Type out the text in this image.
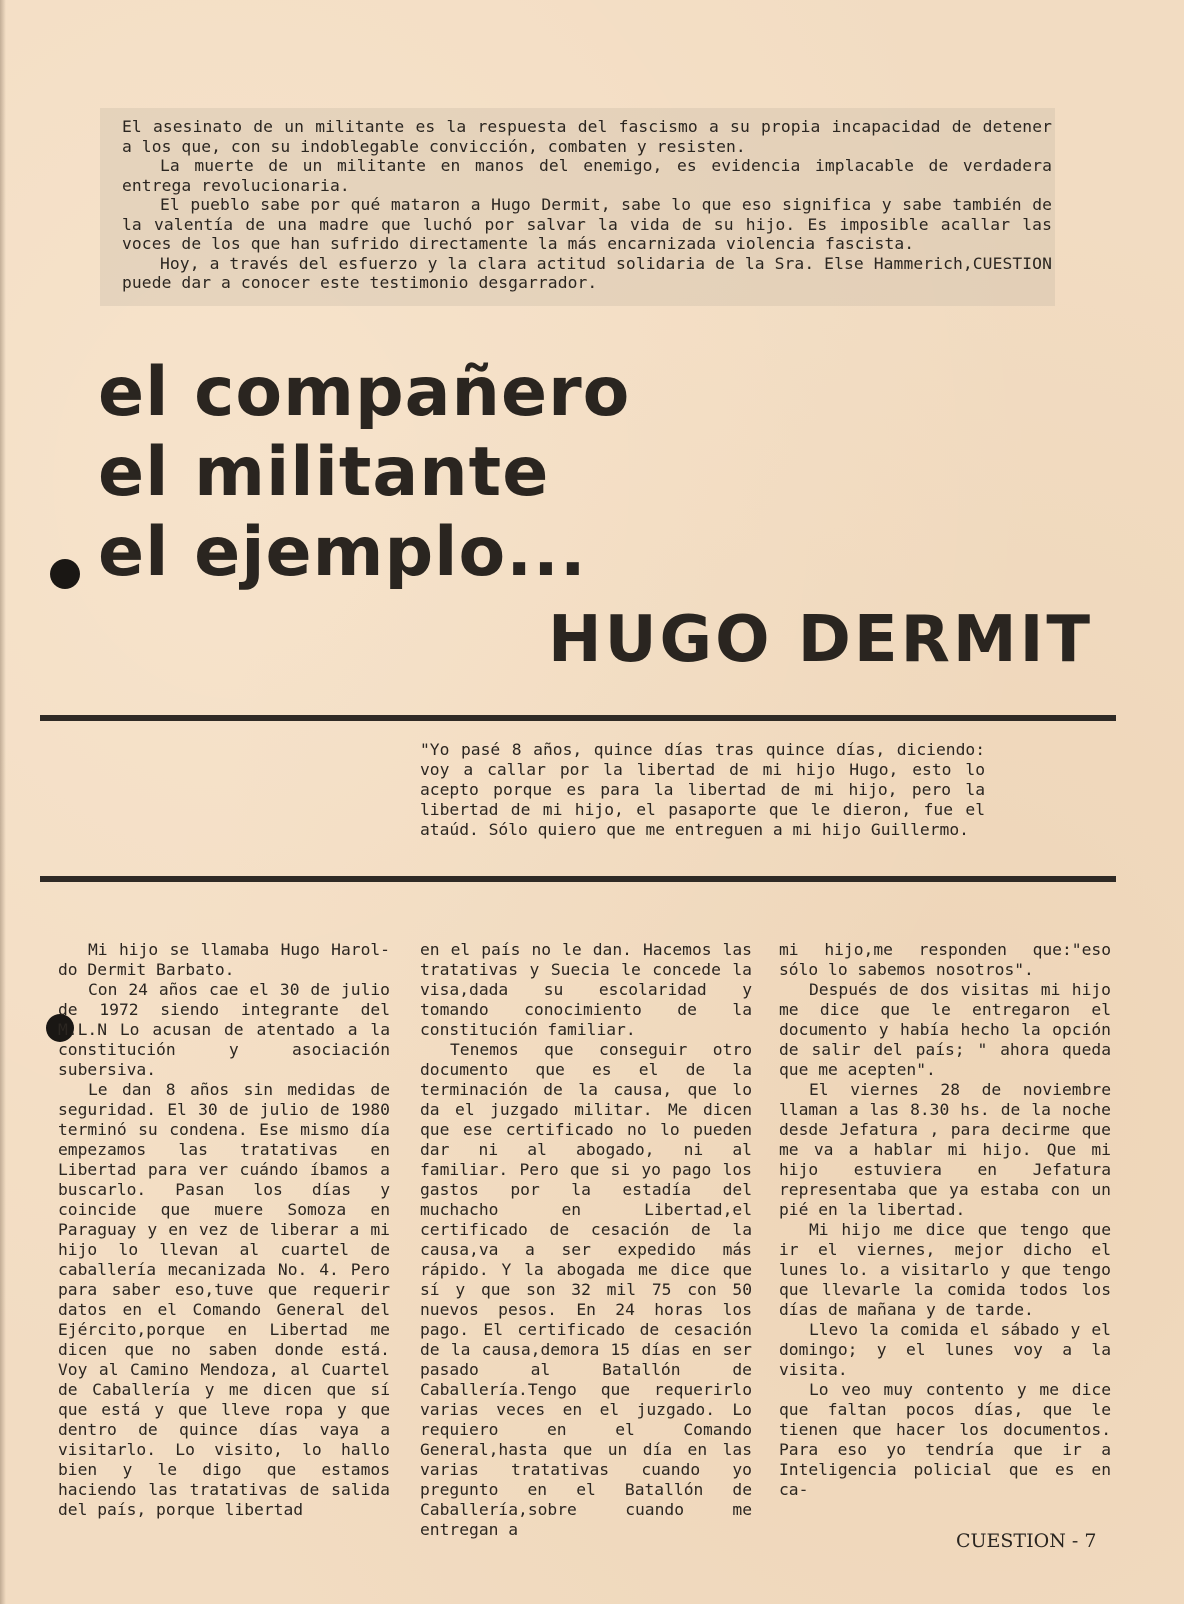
El asesinato de un militante es la respuesta del fascismo a su propia incapacidad de detener a los que, con su indoblegable convicción, combaten y resisten.

La muerte de un militante en manos del enemigo, es evidencia implacable de verdadera entrega revolucionaria.

El pueblo sabe por qué mataron a Hugo Dermit, sabe lo que eso significa y sabe también de la valentía de una madre que luchó por salvar la vida de su hijo. Es imposible acallar las voces de los que han sufrido directamente la más encarnizada violencia fascista.

Hoy, a través del esfuerzo y la clara actitud solidaria de la Sra. Else Hammerich,CUESTION puede dar a conocer este testimonio desgarrador.

el compañero
el militante
el ejemplo...
HUGO DERMIT

"Yo pasé 8 años, quince días tras quince días, diciendo: voy a callar por la libertad de mi hijo Hugo, esto lo acepto porque es para la libertad de mi hijo, pero la libertad de mi hijo, el pasaporte que le dieron, fue el ataúd. Sólo quiero que me entreguen a mi hijo Guillermo.

Mi hijo se llamaba Hugo Harol-do Dermit Barbato.

Con 24 años cae el 30 de julio de 1972 siendo integrante del M.L.N Lo acusan de atentado a la constitución y asociación subersiva.

Le dan 8 años sin medidas de seguridad. El 30 de julio de 1980 terminó su condena. Ese mismo día empezamos las tratativas en Libertad para ver cuándo íbamos a buscarlo. Pasan los días y coincide que muere Somoza en Paraguay y en vez de liberar a mi hijo lo llevan al cuartel de caballería mecanizada No. 4. Pero para saber eso,tuve que requerir datos en el Comando General del Ejército,porque en Libertad me dicen que no saben donde está. Voy al Camino Mendoza, al Cuartel de Caballería y me dicen que sí que está y que lleve ropa y que dentro de quince días vaya a visitarlo. Lo visito, lo hallo bien y le digo que estamos haciendo las tratativas de salida del país, porque libertad

en el país no le dan. Hacemos las tratativas y Suecia le concede la visa,dada su escolaridad y tomando conocimiento de la constitución familiar.

Tenemos que conseguir otro documento que es el de la terminación de la causa, que lo da el juzgado militar. Me dicen que ese certificado no lo pueden dar ni al abogado, ni al familiar. Pero que si yo pago los gastos por la estadía del muchacho en Libertad,el certificado de cesación de la causa,va a ser expedido más rápido. Y la abogada me dice que sí y que son 32 mil 75 con 50 nuevos pesos. En 24 horas los pago. El certificado de cesación de la causa,demora 15 días en ser pasado al Batallón de Caballería.Tengo que requerirlo varias veces en el juzgado. Lo requiero en el Comando General,hasta que un día en las varias tratativas cuando yo pregunto en el Batallón de Caballería,sobre cuando me entregan a

mi hijo,me responden que:"eso sólo lo sabemos nosotros".

Después de dos visitas mi hijo me dice que le entregaron el documento y había hecho la opción de salir del país; " ahora queda que me acepten".

El viernes 28 de noviembre llaman a las 8.30 hs. de la noche desde Jefatura , para decirme que me va a hablar mi hijo. Que mi hijo estuviera en Jefatura representaba que ya estaba con un pié en la libertad.

Mi hijo me dice que tengo que ir el viernes, mejor dicho el lunes lo. a visitarlo y que tengo que llevarle la comida todos los días de mañana y de tarde.

Llevo la comida el sábado y el domingo; y el lunes voy a la visita.

Lo veo muy contento y me dice que faltan pocos días, que le tienen que hacer los documentos. Para eso yo tendría que ir a Inteligencia policial que es en ca-

CUESTION - 7
